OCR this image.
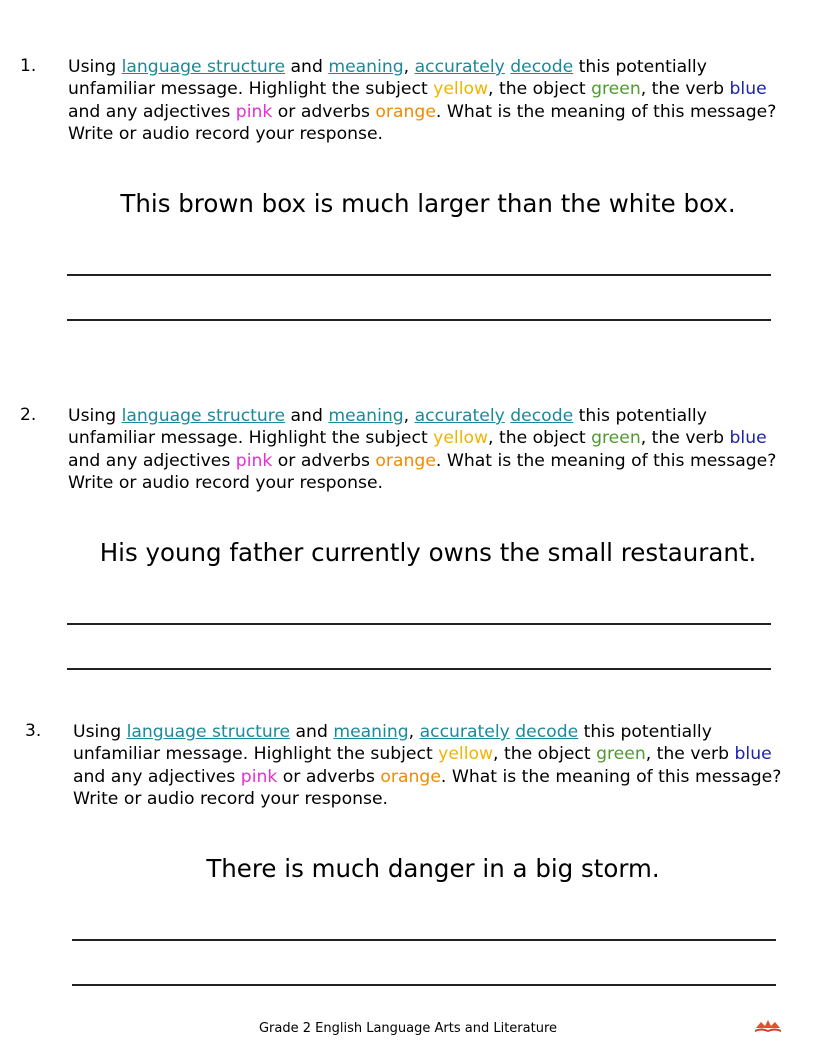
1. Using language structure and meaning, accurately decode this potentially
unfamiliar message. Highlight the subject yellow, the object green, the verb blue
and any adjectives pink or adverbs orange. What is the meaning of this message?
Write or audio record your response.
This brown box is much larger than the white box.
2. Using language structure and meaning, accurately decode this potentially
unfamiliar message. Highlight the subject yellow, the object green, the verb blue
and any adjectives pink or adverbs orange. What is the meaning of this message?
Write or audio record your response.
His young father currently owns the small restaurant.
3. Using language structure and meaning, accurately decode this potentially
unfamiliar message. Highlight the subject yellow, the object green, the verb blue
and any adjectives pink or adverbs orange. What is the meaning of this message?
Write or audio record your response.
There is much danger in a big storm.
Grade 2 English Language Arts and Literature
